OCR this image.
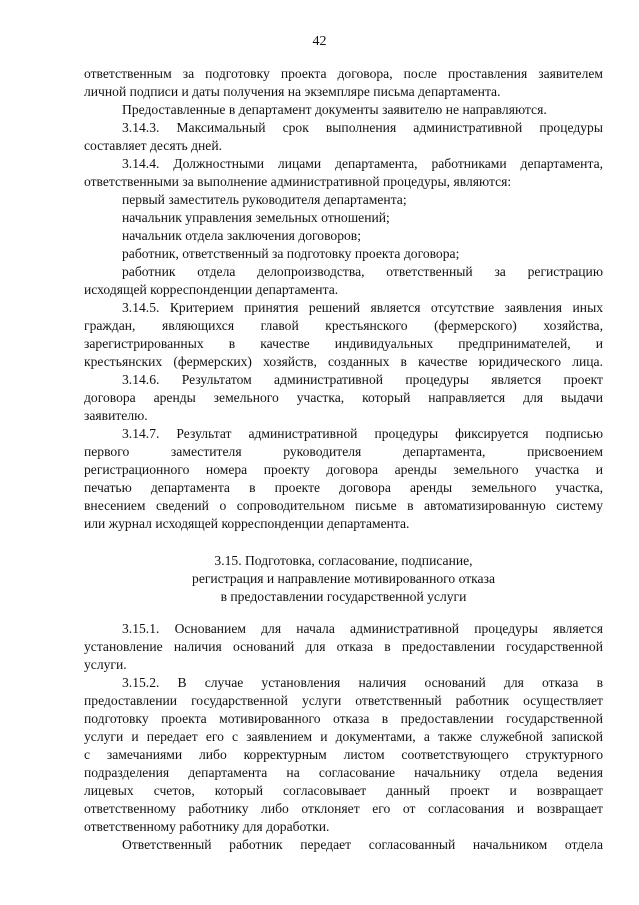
42
ответственным за подготовку проекта договора, после проставления заявителем
личной подписи и даты получения на экземпляре письма департамента.
Предоставленные в департамент документы заявителю не направляются.
3.14.3. Максимальный срок выполнения административной процедуры
составляет десять дней.
3.14.4. Должностными лицами департамента, работниками департамента,
ответственными за выполнение административной процедуры, являются:
первый заместитель руководителя департамента;
начальник управления земельных отношений;
начальник отдела заключения договоров;
работник, ответственный за подготовку проекта договора;
работник отдела делопроизводства, ответственный за регистрацию
исходящей корреспонденции департамента.
3.14.5. Критерием принятия решений является отсутствие заявления иных
граждан, являющихся главой крестьянского (фермерского) хозяйства,
зарегистрированных в качестве индивидуальных предпринимателей, и
крестьянских (фермерских) хозяйств, созданных в качестве юридического лица.
3.14.6. Результатом административной процедуры является проект
договора аренды земельного участка, который направляется для выдачи
заявителю.
3.14.7. Результат административной процедуры фиксируется подписью
первого заместителя руководителя департамента, присвоением
регистрационного номера проекту договора аренды земельного участка и
печатью департамента в проекте договора аренды земельного участка,
внесением сведений о сопроводительном письме в автоматизированную систему
или журнал исходящей корреспонденции департамента.
3.15. Подготовка, согласование, подписание,
регистрация и направление мотивированного отказа
в предоставлении государственной услуги
3.15.1. Основанием для начала административной процедуры является
установление наличия оснований для отказа в предоставлении государственной
услуги.
3.15.2. В случае установления наличия оснований для отказа в
предоставлении государственной услуги ответственный работник осуществляет
подготовку проекта мотивированного отказа в предоставлении государственной
услуги и передает его с заявлением и документами, а также служебной запиской
с замечаниями либо корректурным листом соответствующего структурного
подразделения департамента на согласование начальнику отдела ведения
лицевых счетов, который согласовывает данный проект и возвращает
ответственному работнику либо отклоняет его от согласования и возвращает
ответственному работнику для доработки.
Ответственный работник передает согласованный начальником отдела
